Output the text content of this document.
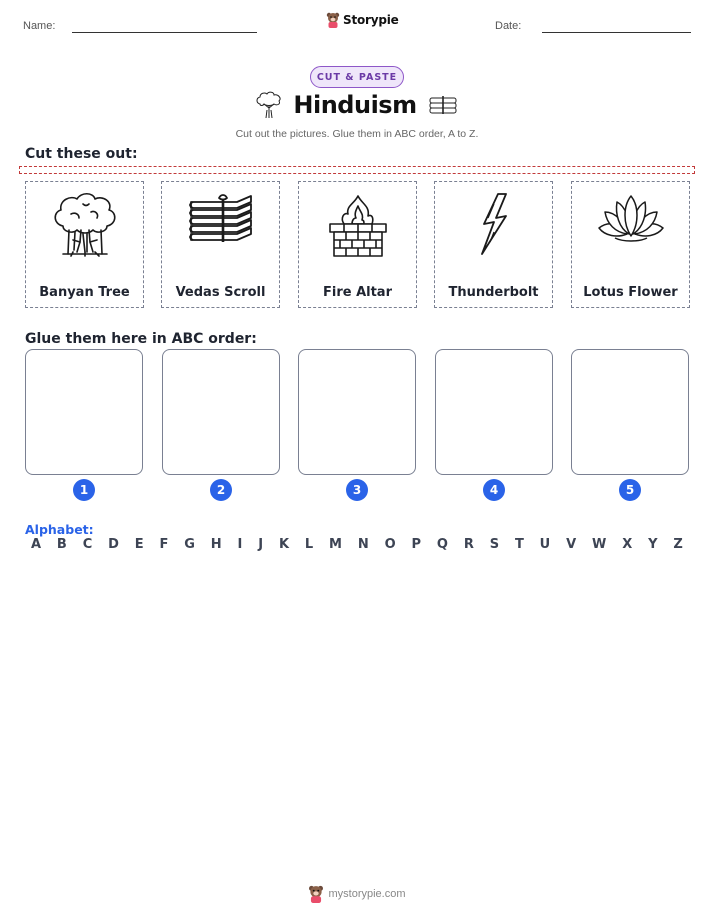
Name:	Storypie	Date:
CUT & PASTE
Hinduism
Cut out the pictures. Glue them in ABC order, A to Z.
Cut these out:
Banyan Tree	Vedas Scroll	Fire Altar	Thunderbolt	Lotus Flower
Glue them here in ABC order:
1	2	3	4	5
Alphabet:
A B C D E F G H I J K L M N O P Q R S T U V W X Y Z
mystorypie.com
